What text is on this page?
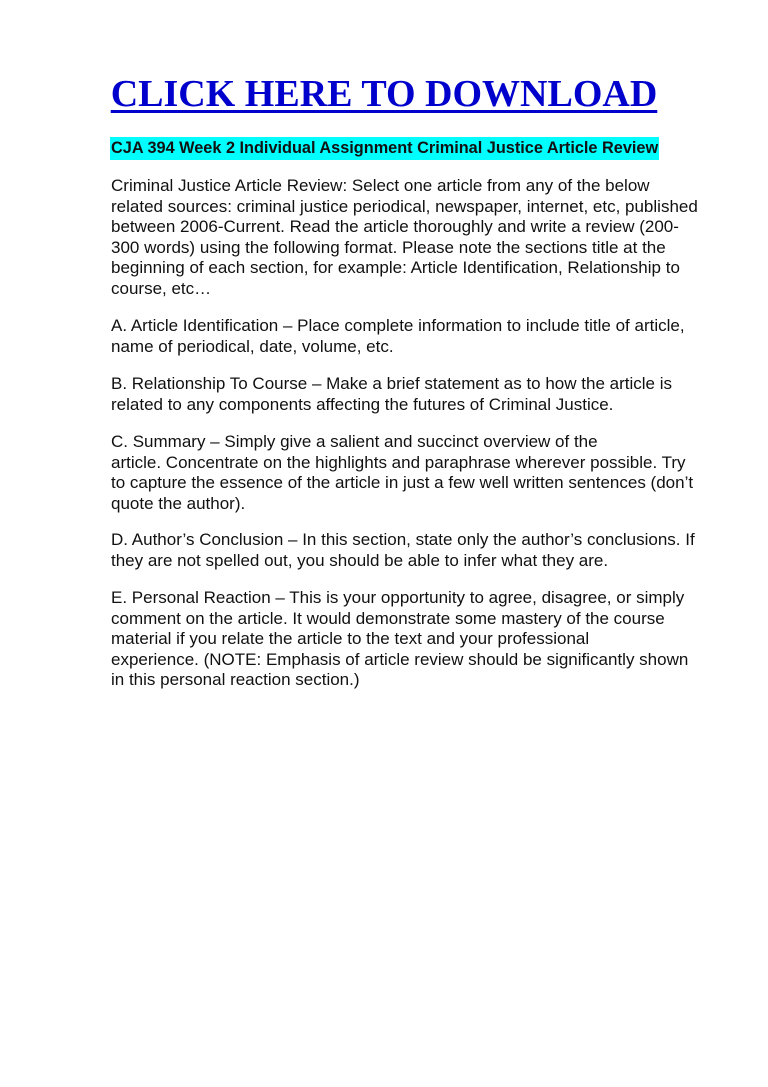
CLICK HERE TO DOWNLOAD
CJA 394 Week 2 Individual Assignment Criminal Justice Article Review
Criminal Justice Article Review: Select one article from any of the below
related sources: criminal justice periodical, newspaper, internet, etc, published
between 2006-Current. Read the article thoroughly and write a review (200-
300 words) using the following format. Please note the sections title at the
beginning of each section, for example: Article Identification, Relationship to
course, etc…
A. Article Identification – Place complete information to include title of article,
name of periodical, date, volume, etc.
B. Relationship To Course – Make a brief statement as to how the article is
related to any components affecting the futures of Criminal Justice.
C. Summary – Simply give a salient and succinct overview of the
article. Concentrate on the highlights and paraphrase wherever possible. Try
to capture the essence of the article in just a few well written sentences (don’t
quote the author).
D. Author’s Conclusion – In this section, state only the author’s conclusions. If
they are not spelled out, you should be able to infer what they are.
E. Personal Reaction – This is your opportunity to agree, disagree, or simply
comment on the article. It would demonstrate some mastery of the course
material if you relate the article to the text and your professional
experience. (NOTE: Emphasis of article review should be significantly shown
in this personal reaction section.)
